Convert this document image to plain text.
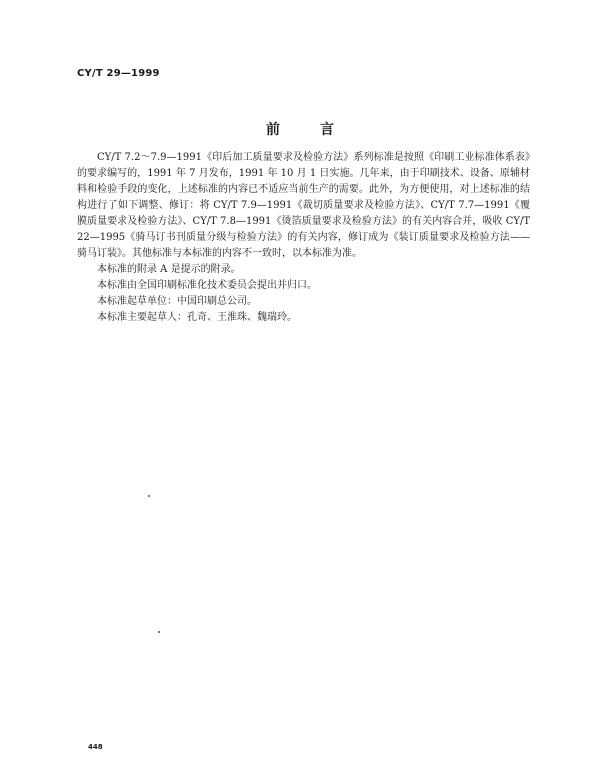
CY/T 29—1999
前言

CY/T 7.2～7.9—1991《印后加工质量要求及检验方法》系列标准是按照《印刷工业标准体系表》的要求编写的，1991 年 7 月发布，1991 年 10 月 1 日实施。几年来，由于印刷技术、设备、原辅材料和检验手段的变化，上述标准的内容已不适应当前生产的需要。此外，为方便使用，对上述标准的结构进行了如下调整、修订：将 CY/T 7.9—1991《裁切质量要求及检验方法》、CY/T 7.7—1991《覆膜质量要求及检验方法》、CY/T 7.8—1991《烫箔质量要求及检验方法》的有关内容合并，吸收 CY/T 22—1995《骑马订书刊质量分级与检验方法》的有关内容，修订成为《装订质量要求及检验方法——骑马订装》。其他标准与本标准的内容不一致时，以本标准为准。

本标准的附录 A 是提示的附录。

本标准由全国印刷标准化技术委员会提出并归口。

本标准起草单位：中国印刷总公司。

本标准主要起草人：孔奇、王淮珠、魏瑞玲。

448
